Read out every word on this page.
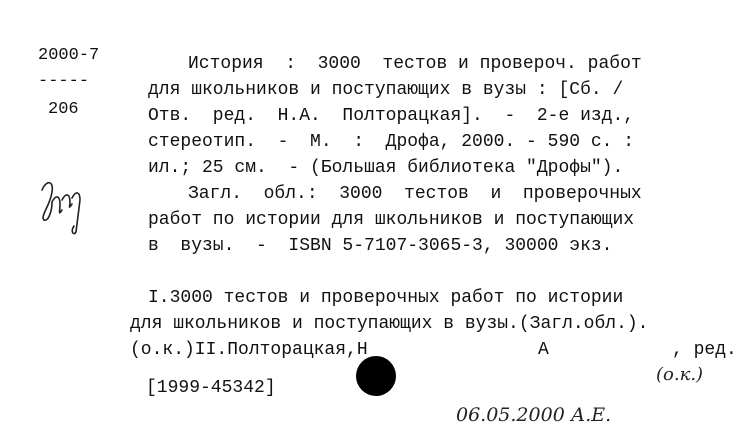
2000-7
-----
206
История  :  3000  тестов и провероч. работ
для школьников и поступающих в вузы : [Сб. /
Отв.  ред.  Н.А.  Полторацкая].  -  2-е изд.,
стереотип.  -  М.  :  Дрофа, 2000. - 590 с. :
ил.; 25 см.  - (Большая библиотека "Дрофы").
Загл.  обл.:  3000  тестов  и  проверочных
работ по истории для школьников и поступающих
в  вузы.  -  ISBN 5-7107-3065-3, 30000 экз.
I.3000 тестов и проверочных работ по истории
для школьников и поступающих в вузы.(Загл.обл.).
(о.к.)II.Полторацкая,Н	А	, ред.
(о.к.)
[1999-45342]
06.05.2000 А.Е.
